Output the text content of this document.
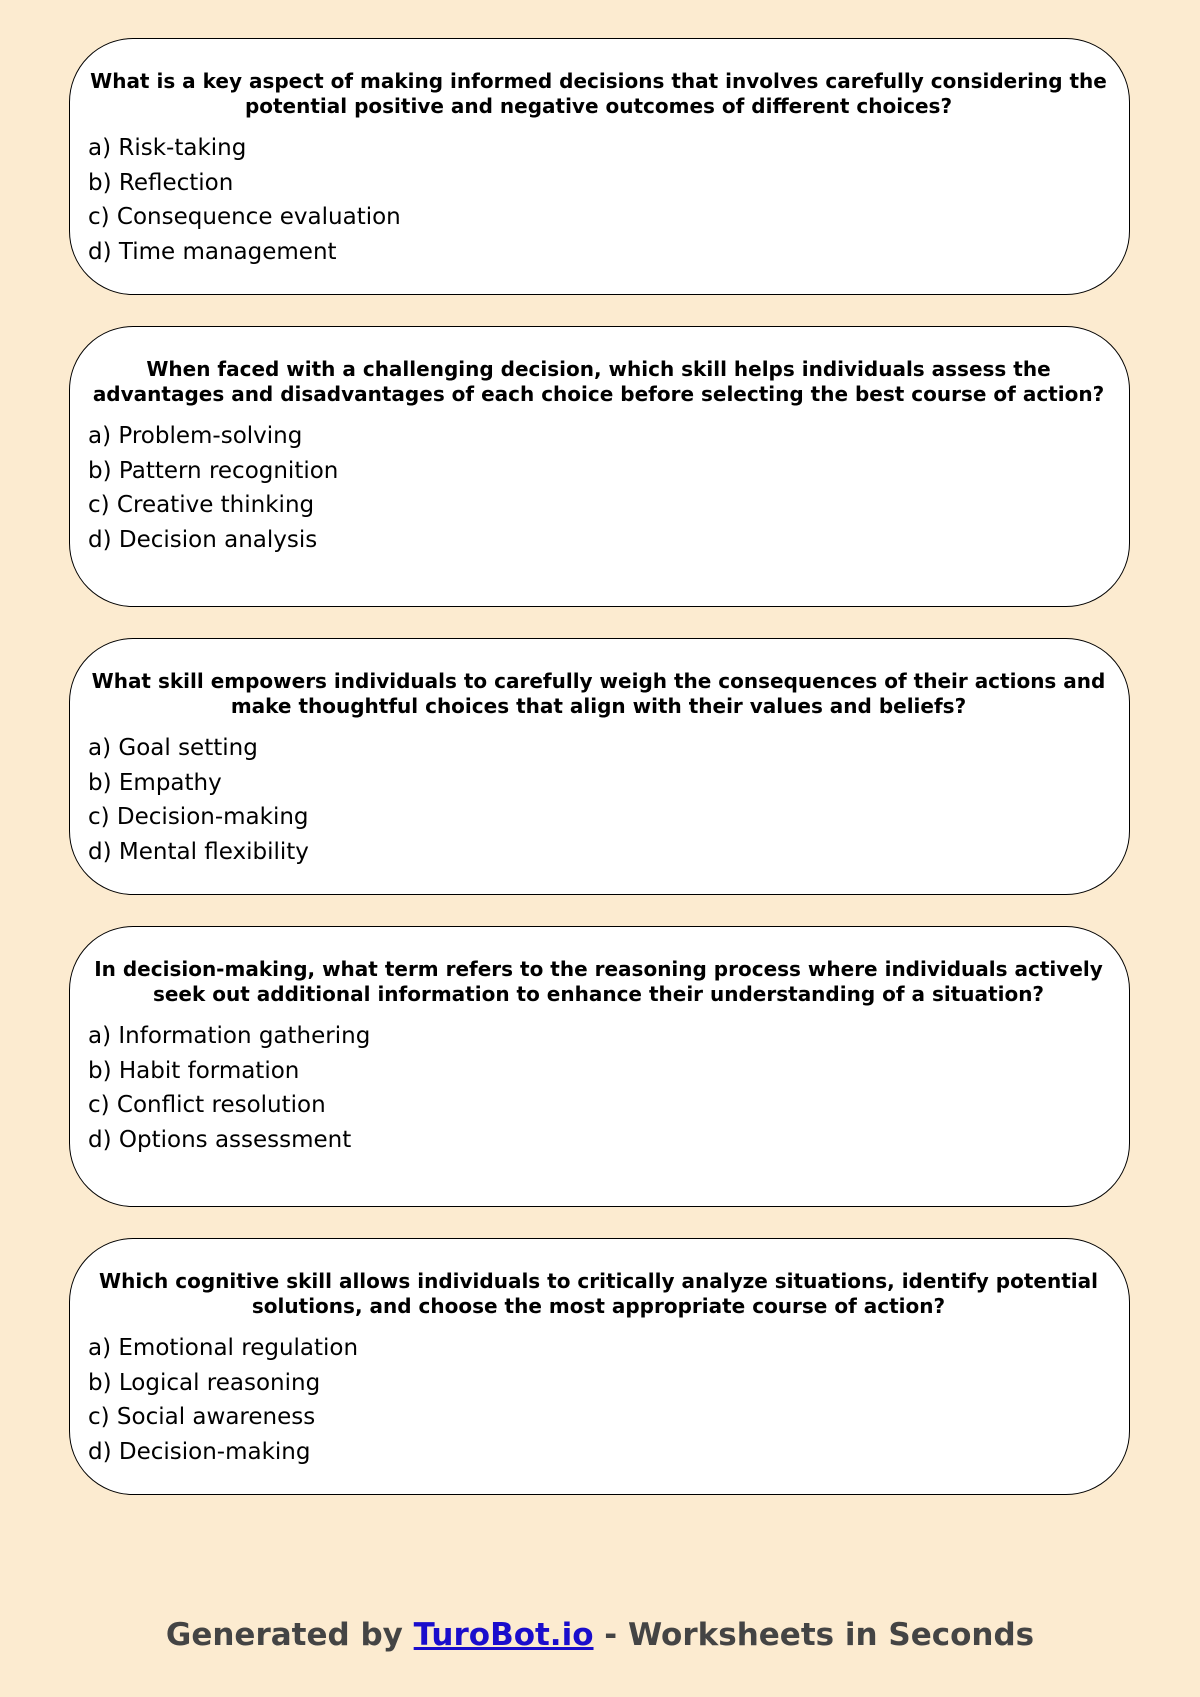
What is a key aspect of making informed decisions that involves carefully considering the potential positive and negative outcomes of different choices?
a) Risk-taking
b) Reflection
c) Consequence evaluation
d) Time management
When faced with a challenging decision, which skill helps individuals assess the advantages and disadvantages of each choice before selecting the best course of action?
a) Problem-solving
b) Pattern recognition
c) Creative thinking
d) Decision analysis
What skill empowers individuals to carefully weigh the consequences of their actions and make thoughtful choices that align with their values and beliefs?
a) Goal setting
b) Empathy
c) Decision-making
d) Mental flexibility
In decision-making, what term refers to the reasoning process where individuals actively seek out additional information to enhance their understanding of a situation?
a) Information gathering
b) Habit formation
c) Conflict resolution
d) Options assessment
Which cognitive skill allows individuals to critically analyze situations, identify potential solutions, and choose the most appropriate course of action?
a) Emotional regulation
b) Logical reasoning
c) Social awareness
d) Decision-making
Generated by TuroBot.io - Worksheets in Seconds
